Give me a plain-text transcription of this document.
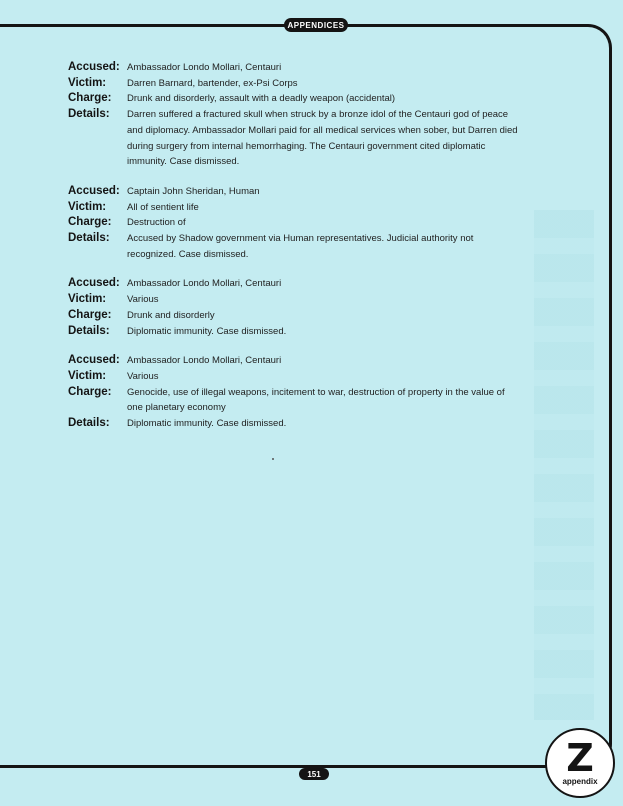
APPENDICES
Accused: Ambassador Londo Mollari, Centauri
Victim:	Darren Barnard, bartender, ex-Psi Corps
Charge:	Drunk and disorderly, assault with a deadly weapon (accidental)
Details:	Darren suffered a fractured skull when struck by a bronze idol of the Centauri god of peace and diplomacy. Ambassador Mollari paid for all medical services when sober, but Darren died during surgery from internal hemorrhaging. The Centauri government cited diplomatic immunity. Case dismissed.
Accused: Captain John Sheridan, Human
Victim:	All of sentient life
Charge:	Destruction of
Details:	Accused by Shadow government via Human representatives. Judicial authority not recognized. Case dismissed.
Accused: Ambassador Londo Mollari, Centauri
Victim:	Various
Charge:	Drunk and disorderly
Details:	Diplomatic immunity. Case dismissed.
Accused: Ambassador Londo Mollari, Centauri
Victim:	Various
Charge:	Genocide, use of illegal weapons, incitement to war, destruction of property in the value of one planetary economy
Details:	Diplomatic immunity. Case dismissed.
151	Z
appendix
